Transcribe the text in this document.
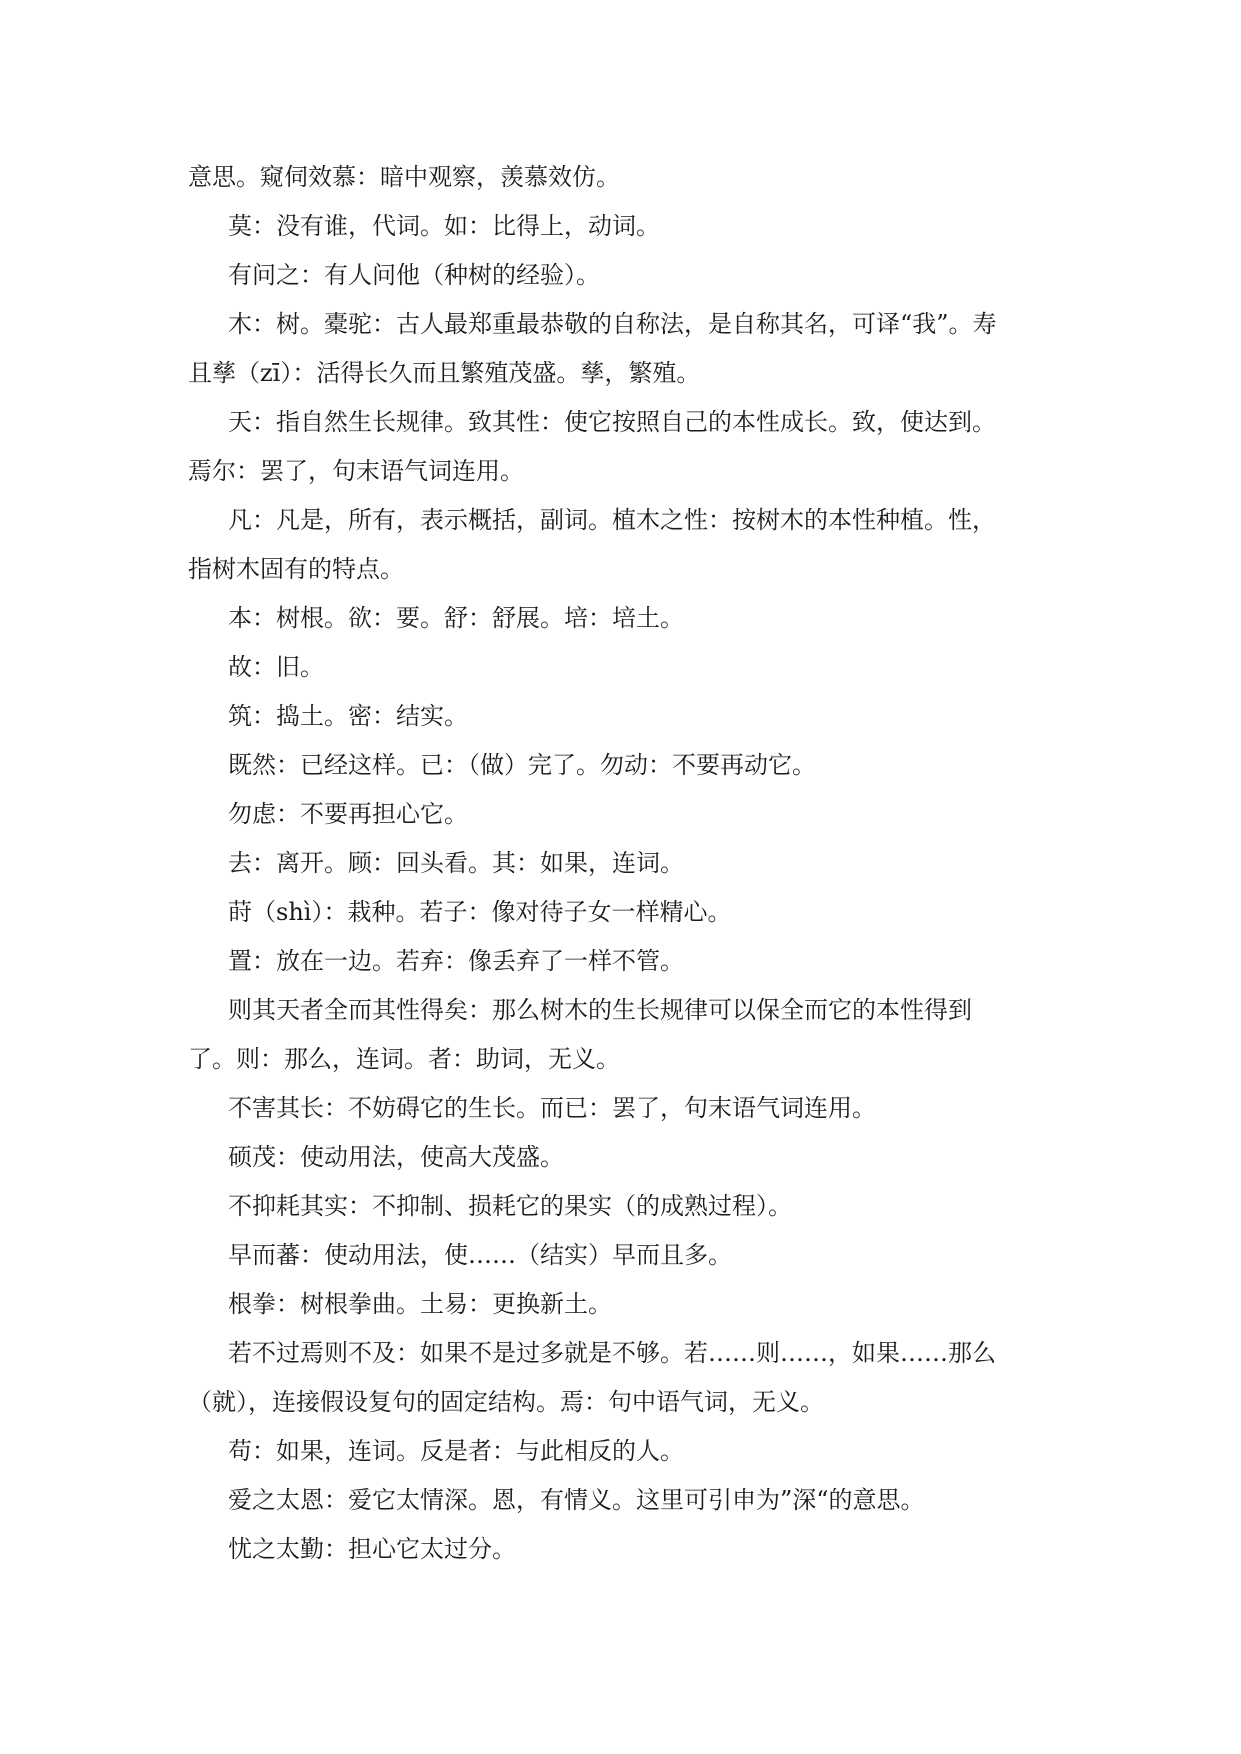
意思。窥伺效慕：暗中观察，羡慕效仿。
莫：没有谁，代词。如：比得上，动词。
有问之：有人问他（种树的经验）。
木：树。橐驼：古人最郑重最恭敬的自称法，是自称其名，可译“我”。寿
且孳（zī）：活得长久而且繁殖茂盛。孳，繁殖。
天：指自然生长规律。致其性：使它按照自己的本性成长。致，使达到。
焉尔：罢了，句末语气词连用。
凡：凡是，所有，表示概括，副词。植木之性：按树木的本性种植。性，
指树木固有的特点。
本：树根。欲：要。舒：舒展。培：培土。
故：旧。
筑：捣土。密：结实。
既然：已经这样。已：（做）完了。勿动：不要再动它。
勿虑：不要再担心它。
去：离开。顾：回头看。其：如果，连词。
莳（shì）：栽种。若子：像对待子女一样精心。
置：放在一边。若弃：像丢弃了一样不管。
则其天者全而其性得矣：那么树木的生长规律可以保全而它的本性得到
了。则：那么，连词。者：助词，无义。
不害其长：不妨碍它的生长。而已：罢了，句末语气词连用。
硕茂：使动用法，使高大茂盛。
不抑耗其实：不抑制、损耗它的果实（的成熟过程）。
早而蕃：使动用法，使……（结实）早而且多。
根拳：树根拳曲。土易：更换新土。
若不过焉则不及：如果不是过多就是不够。若……则……，如果……那么
（就），连接假设复句的固定结构。焉：句中语气词，无义。
苟：如果，连词。反是者：与此相反的人。
爱之太恩：爱它太情深。恩，有情义。这里可引申为”深“的意思。
忧之太勤：担心它太过分。
